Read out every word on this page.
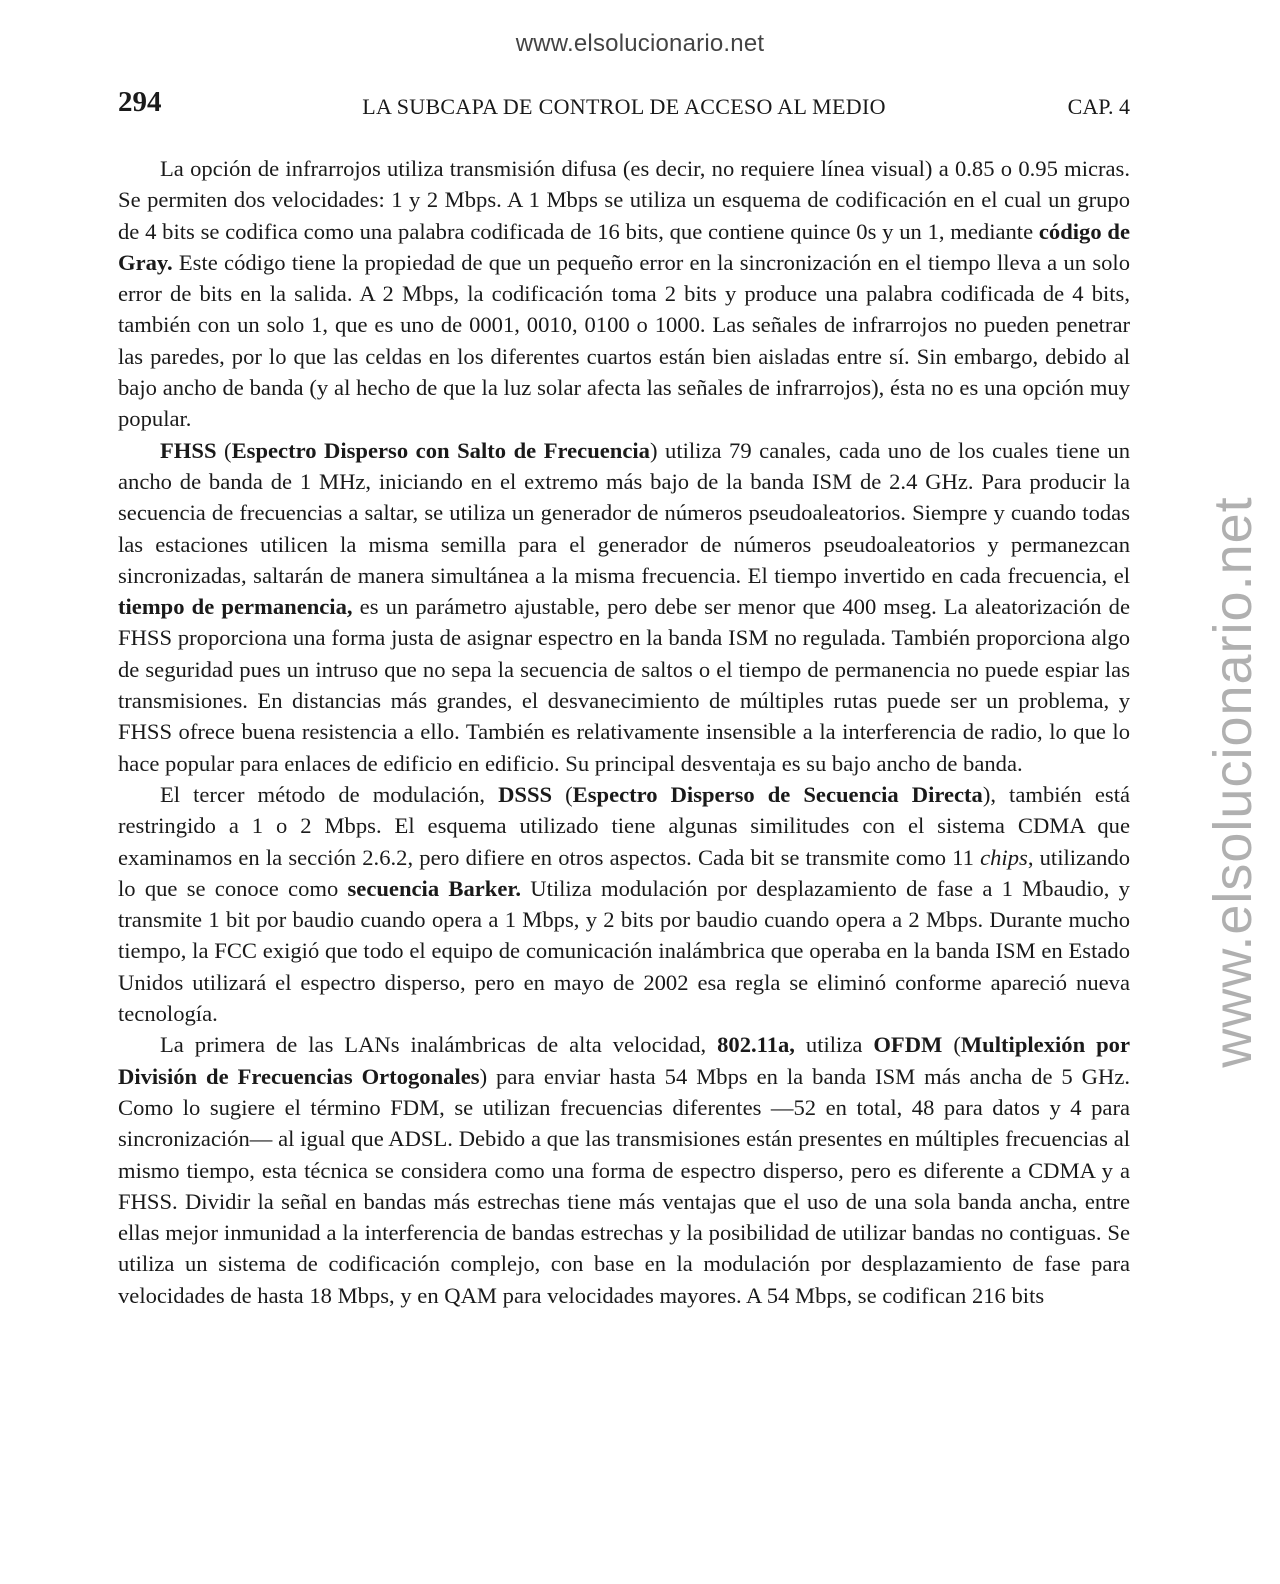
www.elsolucionario.net
www.elsolucionario.net
294	LA SUBCAPA DE CONTROL DE ACCESO AL MEDIO	CAP. 4

La opción de infrarrojos utiliza transmisión difusa (es decir, no requiere línea visual) a 0.85 o 0.95 micras. Se permiten dos velocidades: 1 y 2 Mbps. A 1 Mbps se utiliza un esquema de codificación en el cual un grupo de 4 bits se codifica como una palabra codificada de 16 bits, que contiene quince 0s y un 1, mediante código de Gray. Este código tiene la propiedad de que un pequeño error en la sincronización en el tiempo lleva a un solo error de bits en la salida. A 2 Mbps, la codificación toma 2 bits y produce una palabra codificada de 4 bits, también con un solo 1, que es uno de 0001, 0010, 0100 o 1000. Las señales de infrarrojos no pueden penetrar las paredes, por lo que las celdas en los diferentes cuartos están bien aisladas entre sí. Sin embargo, debido al bajo ancho de banda (y al hecho de que la luz solar afecta las señales de infrarrojos), ésta no es una opción muy popular.

FHSS (Espectro Disperso con Salto de Frecuencia) utiliza 79 canales, cada uno de los cuales tiene un ancho de banda de 1 MHz, iniciando en el extremo más bajo de la banda ISM de 2.4 GHz. Para producir la secuencia de frecuencias a saltar, se utiliza un generador de números pseudoaleatorios. Siempre y cuando todas las estaciones utilicen la misma semilla para el generador de números pseudoaleatorios y permanezcan sincronizadas, saltarán de manera simultánea a la misma frecuencia. El tiempo invertido en cada frecuencia, el tiempo de permanencia, es un parámetro ajustable, pero debe ser menor que 400 mseg. La aleatorización de FHSS proporciona una forma justa de asignar espectro en la banda ISM no regulada. También proporciona algo de seguridad pues un intruso que no sepa la secuencia de saltos o el tiempo de permanencia no puede espiar las transmisiones. En distancias más grandes, el desvanecimiento de múltiples rutas puede ser un problema, y FHSS ofrece buena resistencia a ello. También es relativamente insensible a la interferencia de radio, lo que lo hace popular para enlaces de edificio en edificio. Su principal desventaja es su bajo ancho de banda.

El tercer método de modulación, DSSS (Espectro Disperso de Secuencia Directa), también está restringido a 1 o 2 Mbps. El esquema utilizado tiene algunas similitudes con el sistema CDMA que examinamos en la sección 2.6.2, pero difiere en otros aspectos. Cada bit se transmite como 11 chips, utilizando lo que se conoce como secuencia Barker. Utiliza modulación por desplazamiento de fase a 1 Mbaudio, y transmite 1 bit por baudio cuando opera a 1 Mbps, y 2 bits por baudio cuando opera a 2 Mbps. Durante mucho tiempo, la FCC exigió que todo el equipo de comunicación inalámbrica que operaba en la banda ISM en Estado Unidos utilizará el espectro disperso, pero en mayo de 2002 esa regla se eliminó conforme apareció nueva tecnología.

La primera de las LANs inalámbricas de alta velocidad, 802.11a, utiliza OFDM (Multiplexión por División de Frecuencias Ortogonales) para enviar hasta 54 Mbps en la banda ISM más ancha de 5 GHz. Como lo sugiere el término FDM, se utilizan frecuencias diferentes —52 en total, 48 para datos y 4 para sincronización— al igual que ADSL. Debido a que las transmisiones están presentes en múltiples frecuencias al mismo tiempo, esta técnica se considera como una forma de espectro disperso, pero es diferente a CDMA y a FHSS. Dividir la señal en bandas más estrechas tiene más ventajas que el uso de una sola banda ancha, entre ellas mejor inmunidad a la interferencia de bandas estrechas y la posibilidad de utilizar bandas no contiguas. Se utiliza un sistema de codificación complejo, con base en la modulación por desplazamiento de fase para velocidades de hasta 18 Mbps, y en QAM para velocidades mayores. A 54 Mbps, se codifican 216 bits
